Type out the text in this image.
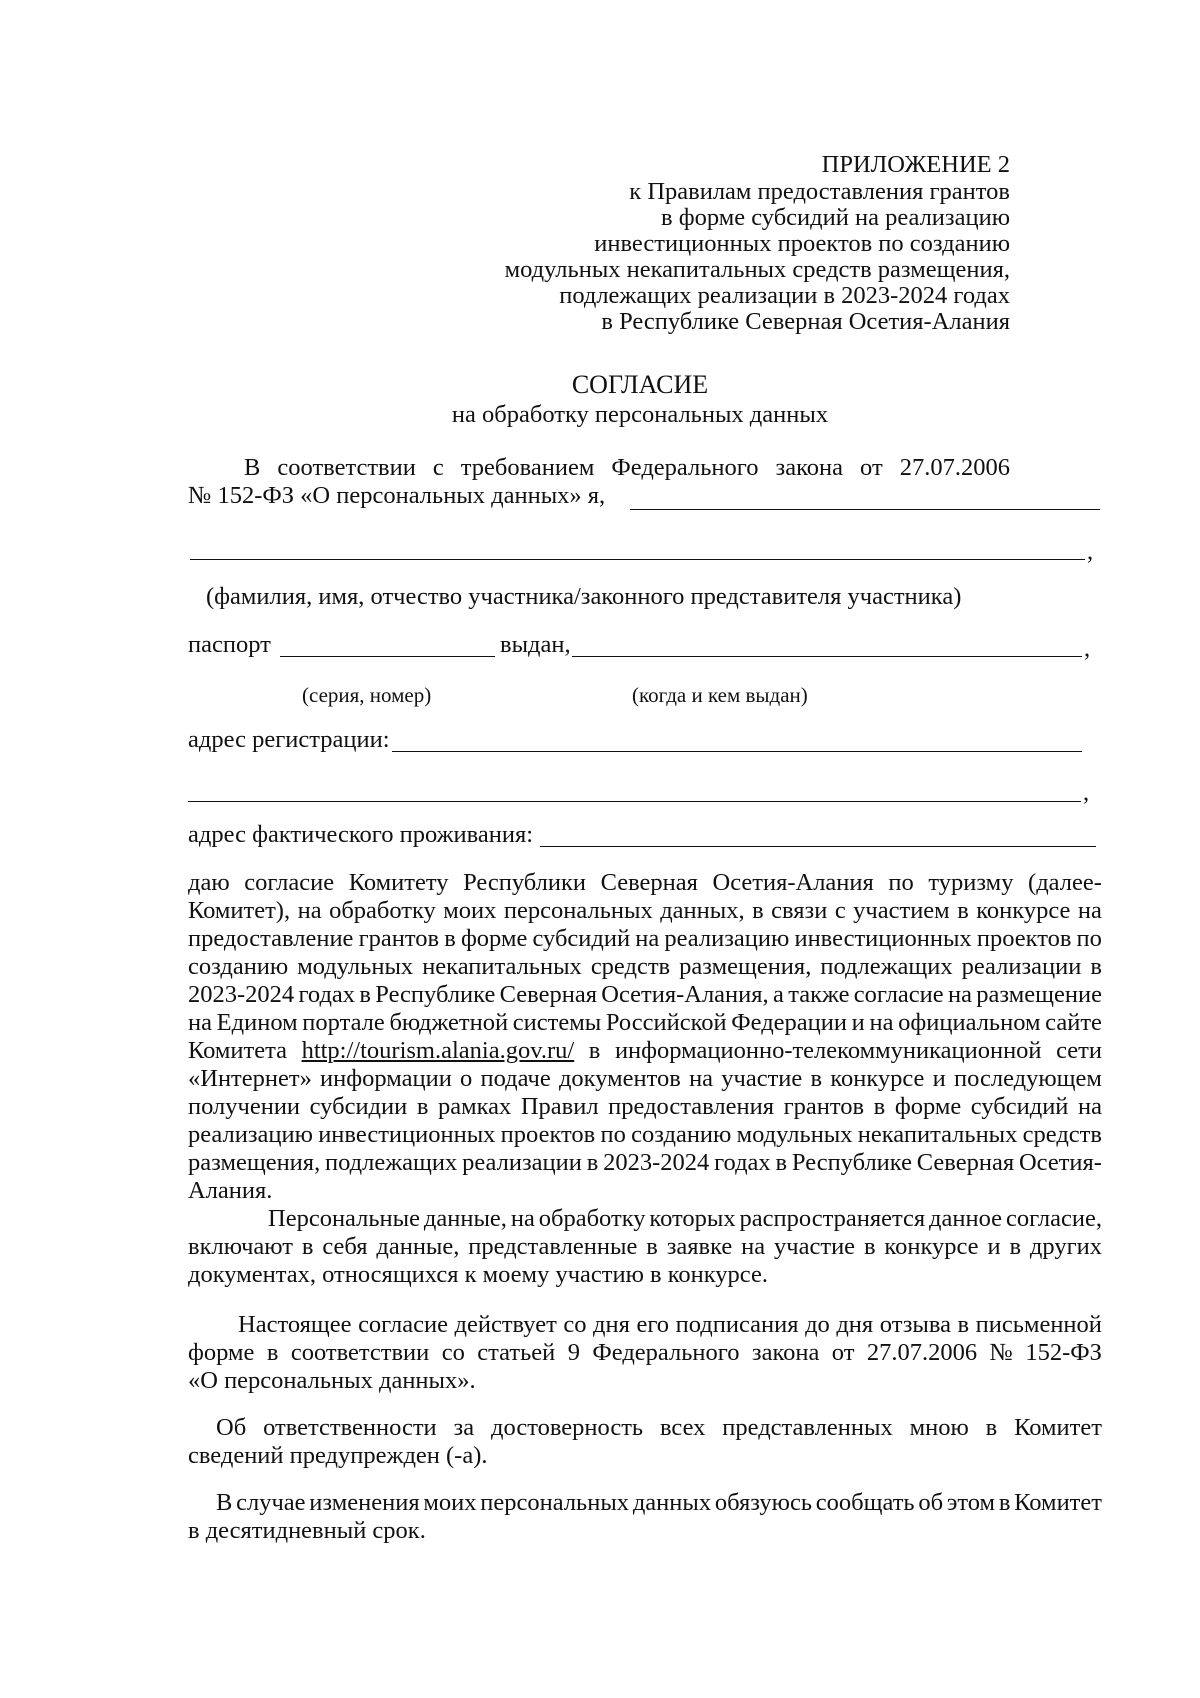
ПРИЛОЖЕНИЕ 2
к Правилам предоставления грантов
в форме субсидий на реализацию
инвестиционных проектов по созданию
модульных некапитальных средств размещения,
подлежащих реализации в 2023-2024 годах
в Республике Северная Осетия-Алания
СОГЛАСИЕ
на обработку персональных данных
В соответствии с требованием Федерального закона от 27.07.2006
№ 152-ФЗ «О персональных данных» я,
,
(фамилия, имя, отчество участника/законного представителя участника)
паспорт	выдан,	,
(серия, номер)	(когда и кем выдан)
адрес регистрации:
,
адрес фактического проживания:
даю согласие Комитету Республики Северная Осетия-Алания по туризму (далее-
Комитет), на обработку моих персональных данных, в связи с участием в конкурсе на
предоставление грантов в форме субсидий на реализацию инвестиционных проектов по
созданию модульных некапитальных средств размещения, подлежащих реализации в
2023-2024 годах в Республике Северная Осетия-Алания, а также согласие на размещение
на Едином портале бюджетной системы Российской Федерации и на официальном сайте
Комитета http://tourism.alania.gov.ru/ в информационно-телекоммуникационной сети
«Интернет» информации о подаче документов на участие в конкурсе и последующем
получении субсидии в рамках Правил предоставления грантов в форме субсидий на
реализацию инвестиционных проектов по созданию модульных некапитальных средств
размещения, подлежащих реализации в 2023-2024 годах в Республике Северная Осетия-
Алания.
Персональные данные, на обработку которых распространяется данное согласие,
включают в себя данные, представленные в заявке на участие в конкурсе и в других
документах, относящихся к моему участию в конкурсе.
Настоящее согласие действует со дня его подписания до дня отзыва в письменной
форме в соответствии со статьей 9 Федерального закона от 27.07.2006 № 152-ФЗ
«О персональных данных».
Об ответственности за достоверность всех представленных мною в Комитет
сведений предупрежден (-а).
В случае изменения моих персональных данных обязуюсь сообщать об этом в Комитет
в десятидневный срок.
